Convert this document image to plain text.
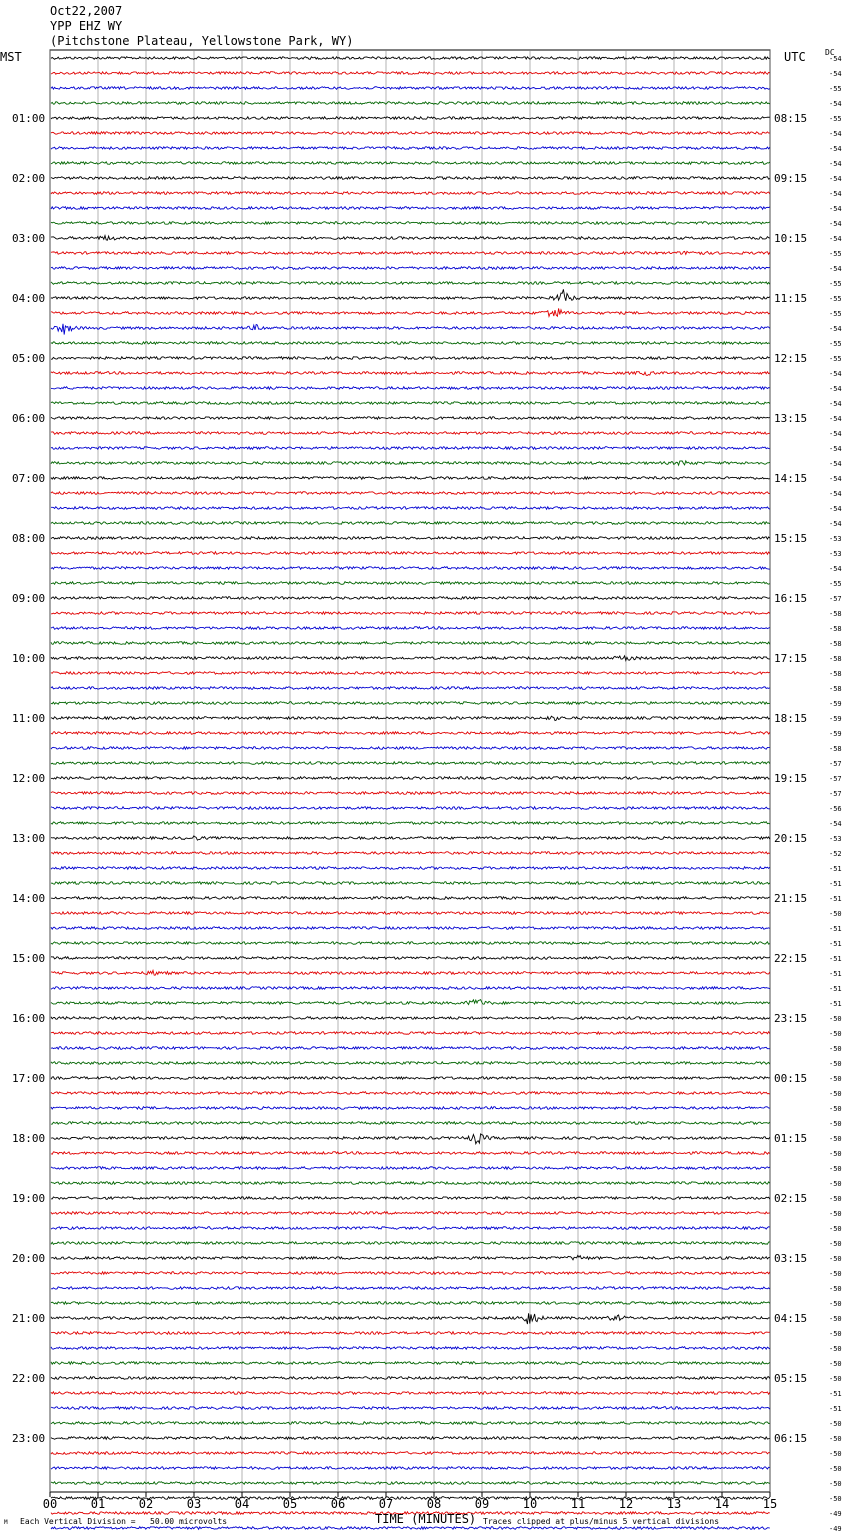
Oct22,2007
YPP EHZ WY
(Pitchstone Plateau, Yellowstone Park, WY)
MST	UTC DC
00	01	02	03	04	05	06	07	08	09	10	11	12	13	14	15
-54
-54
-55
-54
-55
-54
-54
-54
-54
-54
-54
-54
-54
-55
-54
-55
-55
-55
-54
-55
-55
-54
-54
-54
-54
-54
-54
-54
-54
-54
-54
-54
-53
-53
-54
-55
-57
-58
-58
-58
-58
-58
-58
-59
-59
-59
-58
-57
-57
-57
-56
-54
-53
-52
-51
-51
-51
-50
-51
-51
-51
-51
-51
-51
-50
-50
-50
-50
-50
-50
-50
-50
-50
-50
-50
-50
-50
-50
-50
-50
-50
-50
-50
-50
-50
-50
-50
-50
-50
-51
-51
-50
-50
-50
-50
-50
-50
-49
-49
01:00	08:15
02:00	09:15
03:00	10:15
04:00	11:15
05:00	12:15
06:00	13:15
07:00	14:15
08:00	15:15
09:00	16:15
10:00	17:15
11:00	18:15
12:00	19:15
13:00	20:15
14:00	21:15
15:00	22:15
16:00	23:15
17:00	00:15
18:00	01:15
19:00	02:15
20:00	03:15
21:00	04:15
22:00	05:15
23:00	06:15
M Each Vertical Division =   50.00 microvolts	TIME (MINUTES) Traces clipped at plus/minus 5 vertical divisions
